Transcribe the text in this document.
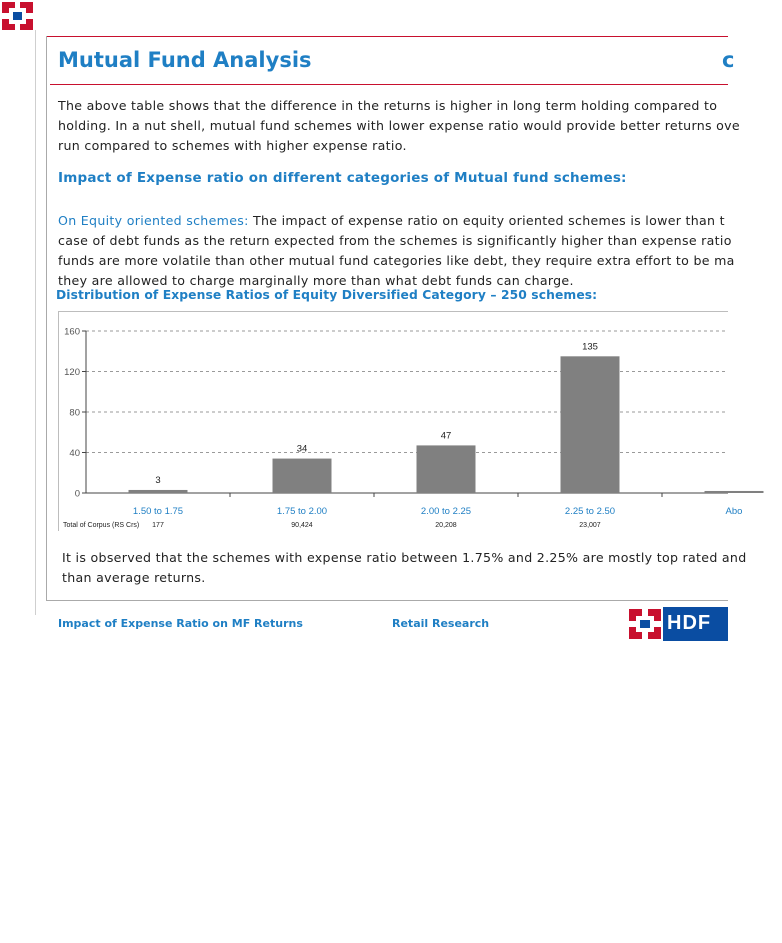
Mutual Fund Analysis	c
The above table shows that the difference in the returns is higher in long term holding compared to
holding. In a nut shell, mutual fund schemes with lower expense ratio would provide better returns ove
run compared to schemes with higher expense ratio.
Impact of Expense ratio on different categories of Mutual fund schemes:
On Equity oriented schemes: The impact of expense ratio on equity oriented schemes is lower than t
case of debt funds as the return expected from the schemes is significantly higher than expense ratio
funds are more volatile than other mutual fund categories like debt, they require extra effort to be ma
they are allowed to charge marginally more than what debt funds can charge.
Distribution of Expense Ratios of Equity Diversified Category – 250 schemes:
0
40
80
120
160
3
1.50 to 1.75
177
34
1.75 to 2.00
90,424
47
2.00 to 2.25
20,208
135
2.25 to 2.50
23,007
Abo
Total of Corpus (RS Crs)
It is observed that the schemes with expense ratio between 1.75% and 2.25% are mostly top rated and
than average returns.
Impact of Expense Ratio on MF Returns	Retail Research	HDF
